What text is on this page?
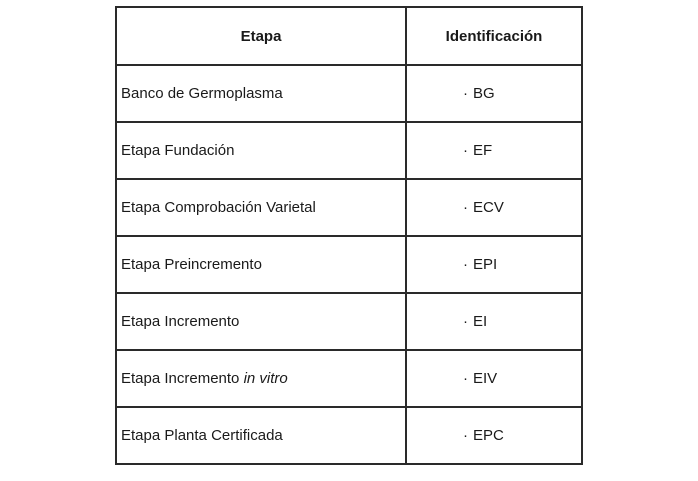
Etapa	Identificación
Banco de Germoplasma	· BG
Etapa Fundación	· EF
Etapa Comprobación Varietal	· ECV
Etapa Preincremento	· EPI
Etapa Incremento	· EI
Etapa Incremento in vitro	· EIV
Etapa Planta Certificada	· EPC
